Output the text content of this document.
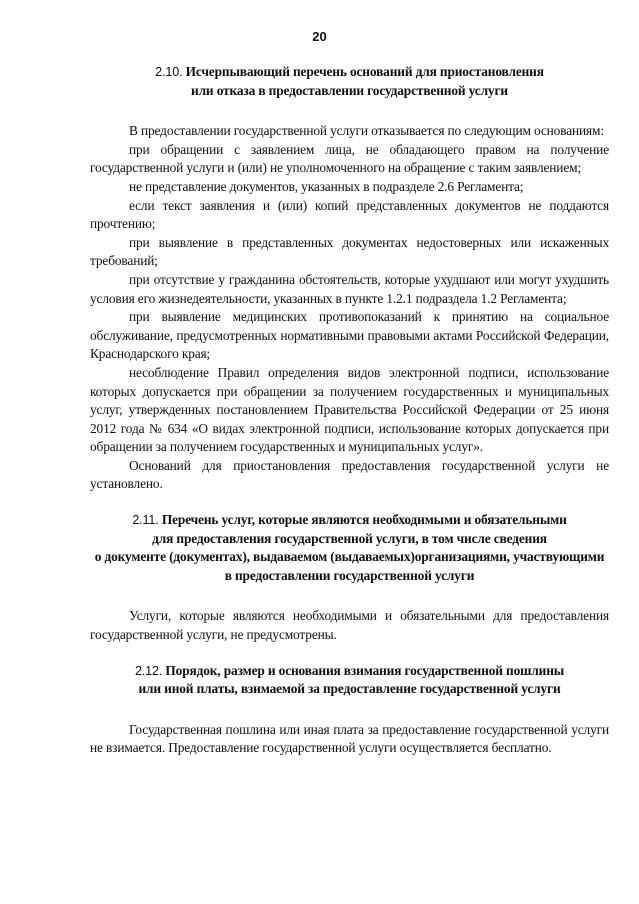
20
2.10. Исчерпывающий перечень оснований для приостановления
или отказа в предоставлении государственной услуги

В предоставлении государственной услуги отказывается по следующим основаниям:

при обращении с заявлением лица, не обладающего правом на получение государственной услуги и (или) не уполномоченного на обращение с таким заявлением;

не представление документов, указанных в подразделе 2.6 Регламента;

если текст заявления и (или) копий представленных документов не поддаются прочтению;

при выявление в представленных документах недостоверных или искаженных требований;

при отсутствие у гражданина обстоятельств, которые ухудшают или могут ухудшить условия его жизнедеятельности, указанных в пункте 1.2.1 подраздела 1.2 Регламента;

при выявление медицинских противопоказаний к принятию на социальное обслуживание, предусмотренных нормативными правовыми актами Российской Федерации, Краснодарского края;

несоблюдение Правил определения видов электронной подписи, использование которых допускается при обращении за получением государственных и муниципальных услуг, утвержденных постановлением Правительства Российской Федерации от 25 июня 2012 года № 634 «О видах электронной подписи, использование которых допускается при обращении за получением государственных и муниципальных услуг».

Оснований для приостановления предоставления государственной услуги не установлено.

2.11. Перечень услуг, которые являются необходимыми и обязательными
для предоставления государственной услуги, в том числе сведения
о документе (документах), выдаваемом (выдаваемых)организациями, участвующими в предоставлении государственной услуги

Услуги, которые являются необходимыми и обязательными для предоставления государственной услуги, не предусмотрены.

2.12. Порядок, размер и основания взимания государственной пошлины
или иной платы, взимаемой за предоставление государственной услуги

Государственная пошлина или иная плата за предоставление государственной услуги не взимается. Предоставление государственной услуги осуществляется бесплатно.
